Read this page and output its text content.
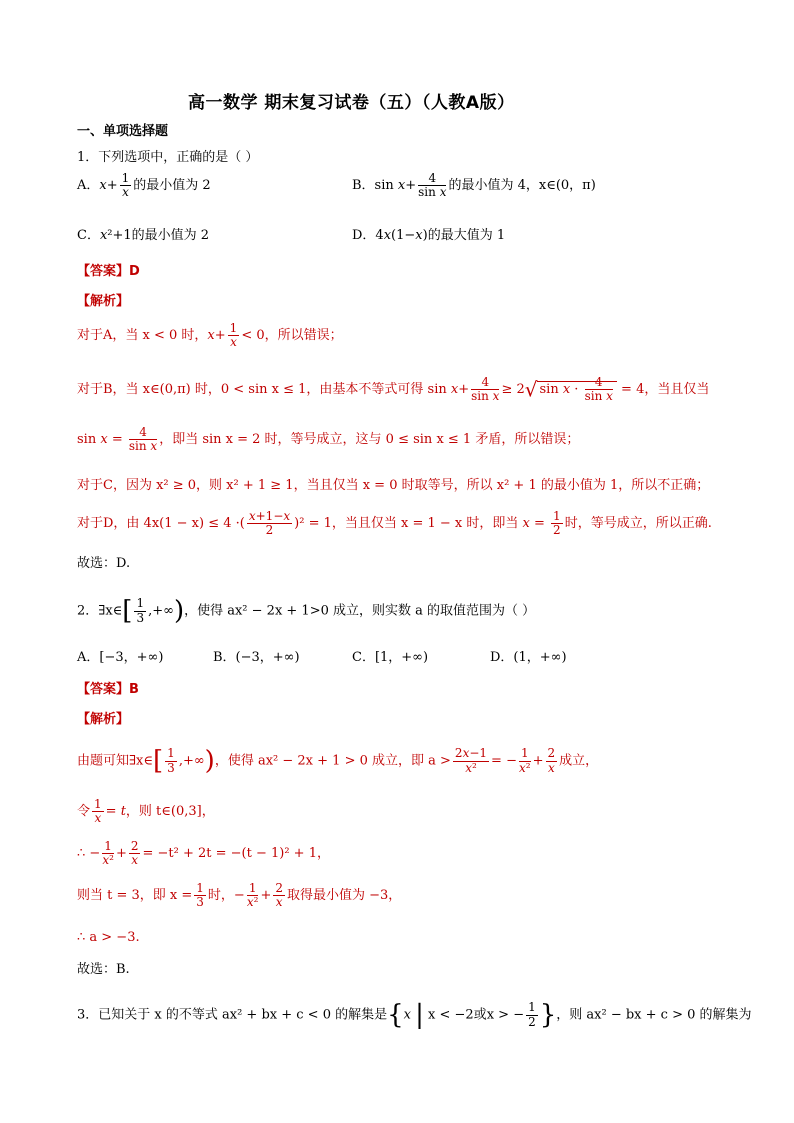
高一数学 期末复习试卷（五）（人教A版）
一、单项选择题
1．下列选项中，正确的是（ ）
A．$x+ \frac{1}{x}$ 的最小值为 2	B．$\sin x+ \frac{4}{\text{sin x}}$ 的最小值为 4，x∈(0，π)
C．x²+1的最小值为 2	D．4x(1−x)的最大值为 1
【答案】D
【解析】
对于A，当 x < 0 时，$x+ \frac{1}{x} < 0$，所以错误；
对于B，当 x∈(0,π) 时，0 < sin x ≤ 1，由基本不等式可得 $\sin x+ \frac{4}{\text{sin x}} \ge 2√$ $\sin x \cdot \frac{4}{\text{sin x}} = 4$，当且仅当
$\sin x = \frac{4}{\text{sin x}}$ ，即当 sin x = 2 时，等号成立，这与 0 ≤ sin x ≤ 1 矛盾，所以错误；
对于C，因为 x² ≥ 0，则 x² + 1 ≥ 1，当且仅当 x = 0 时取等号，所以 x² + 1 的最小值为 1，所以不正确；
对于D，由 4x(1 − x) ≤ 4 ·( $\frac{x+1-x}{2} )^2 = 1$，当且仅当 x = 1 − x 时，即当 $x = \frac{1}{2}$ 时，等号成立，所以正确.
故选：D.
2．∃x∈[ $\frac{1}{3}$ ,+∞)，使得 ax² − 2x + 1>0 成立，则实数 a 的取值范围为（ ）
A．[−3，+∞)	B．(−3，+∞)	C．[1，+∞)	D．(1，+∞)
【答案】B
【解析】
由题可知∃x∈[ $\frac{1}{3}$ ,+∞)，使得 ax² − 2x + 1 > 0 成立，即 $a > \frac{2x-1}{\text{x²}}$ = − $\frac{1}{\text{x²}} + \frac{2}{x}$ 成立，
令 $\frac{1}{x} = t$，则 t∈(0,3]，
∴ − $\frac{1}{\text{x²}} + \frac{2}{x} = -t^2 + 2t = -(t - 1)^2 + 1$，
则当 t = 3，即 $x = \frac{1}{3}$ 时，− $\frac{1}{\text{x²}} + \frac{2}{x}$ 取得最小值为 −3，
∴ a > −3.
故选：B.
3．已知关于 x 的不等式 ax² + bx + c < 0 的解集是{x | x < −2或x > − $\frac{1}{2}$ }，则 ax² − bx + c > 0 的解集为
